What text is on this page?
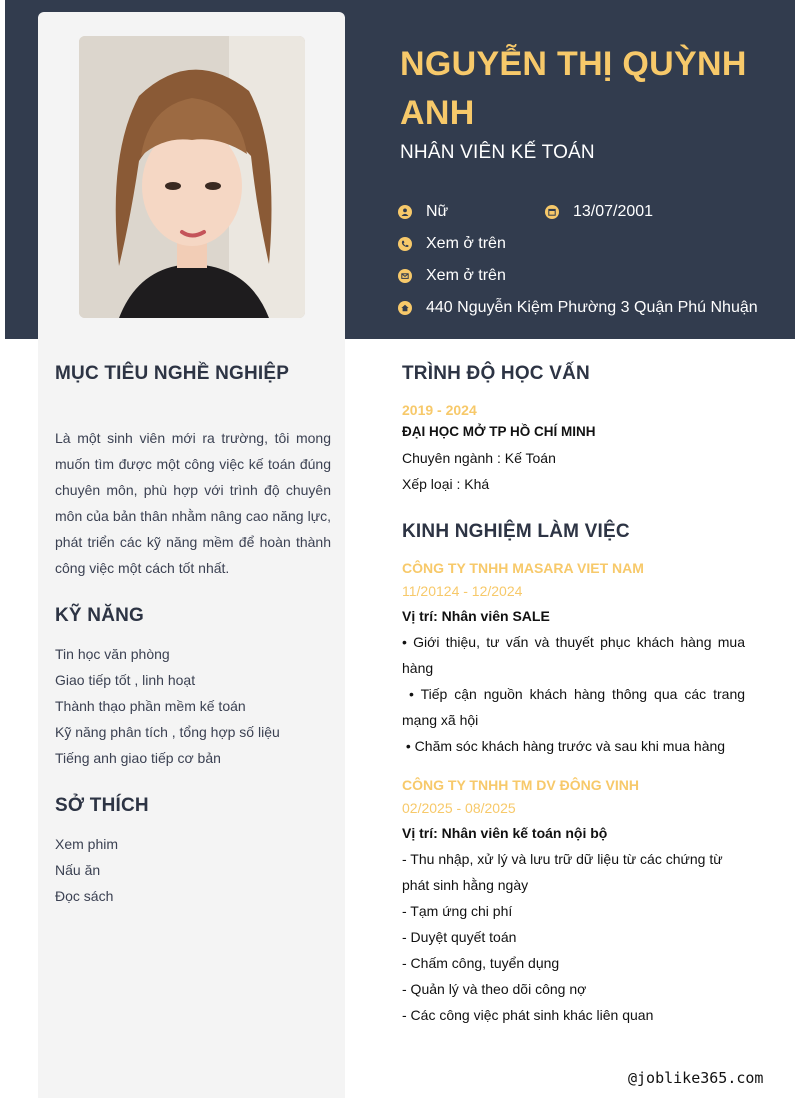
NGUYỄN THỊ QUỲNH ANH
NHÂN VIÊN KẾ TOÁN
Nữ	13/07/2001
Xem ở trên
Xem ở trên
440 Nguyễn Kiệm Phường 3 Quận Phú Nhuận
MỤC TIÊU NGHỀ NGHIỆP

Là một sinh viên mới ra trường, tôi mong muốn tìm được một công việc kế toán đúng chuyên môn, phù hợp với trình độ chuyên môn của bản thân nhằm nâng cao năng lực, phát triển các kỹ năng mềm để hoàn thành công việc một cách tốt nhất.

KỸ NĂNG
Tin học văn phòng
Giao tiếp tốt , linh hoạt
Thành thạo phần mềm kế toán
Kỹ năng phân tích , tổng hợp số liệu
Tiếng anh giao tiếp cơ bản
SỞ THÍCH
Xem phim
Nấu ăn
Đọc sách
TRÌNH ĐỘ HỌC VẤN
2019 - 2024
ĐẠI HỌC MỞ TP HỒ CHÍ MINH
Chuyên ngành : Kế Toán
Xếp loại : Khá
KINH NGHIỆM LÀM VIỆC
CÔNG TY TNHH MASARA VIET NAM
11/20124 - 12/2024
Vị trí: Nhân viên SALE
• Giới thiệu, tư vấn và thuyết phục khách hàng mua hàng
• Tiếp cận nguồn khách hàng thông qua các trang mạng xã hội
• Chăm sóc khách hàng trước và sau khi mua hàng
CÔNG TY TNHH TM DV ĐÔNG VINH
02/2025 - 08/2025
Vị trí: Nhân viên kế toán nội bộ
- Thu nhập, xử lý và lưu trữ dữ liệu từ các chứng từ phát sinh hằng ngày
- Tạm ứng chi phí
- Duyệt quyết toán
- Chấm công, tuyển dụng
- Quản lý và theo dõi công nợ
- Các công việc phát sinh khác liên quan
@joblike365.com
